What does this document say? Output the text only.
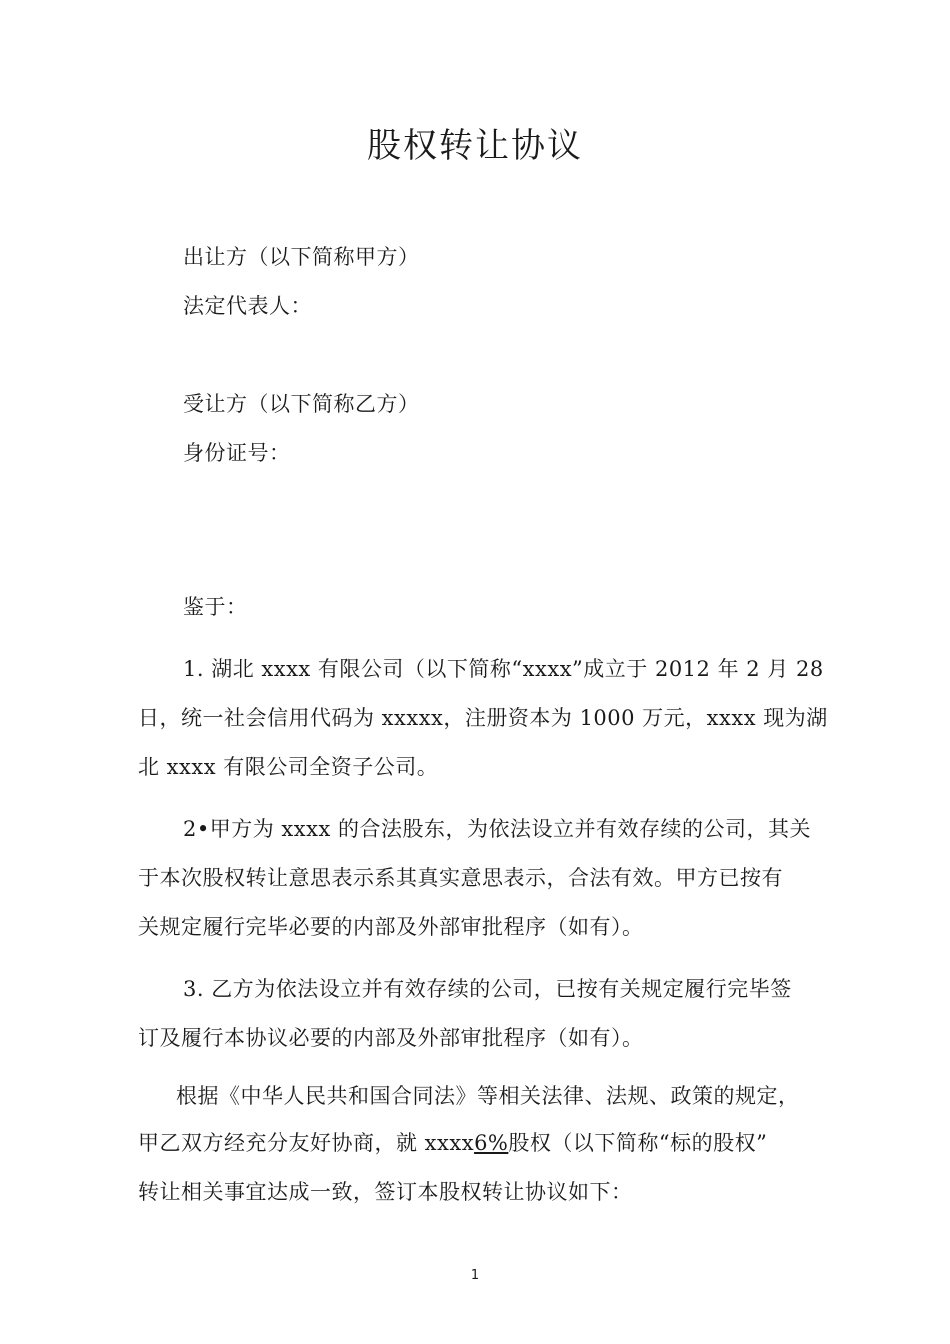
股权转让协议
出让方（以下简称甲方）
法定代表人：
受让方（以下简称乙方）
身份证号：
鉴于：
1. 湖北 xxxx 有限公司（以下简称“xxxx”成立于 2012 年 2 月 28
日，统一社会信用代码为 xxxxx，注册资本为 1000 万元，xxxx 现为湖
北 xxxx 有限公司全资子公司。
2•甲方为 xxxx 的合法股东，为依法设立并有效存续的公司，其关
于本次股权转让意思表示系其真实意思表示，合法有效。甲方已按有
关规定履行完毕必要的内部及外部审批程序（如有）。
3. 乙方为依法设立并有效存续的公司，已按有关规定履行完毕签
订及履行本协议必要的内部及外部审批程序（如有）。
根据《中华人民共和国合同法》等相关法律、法规、政策的规定，
甲乙双方经充分友好协商，就 xxxx6%股权（以下简称“标的股权”
转让相关事宜达成一致，签订本股权转让协议如下：
1
